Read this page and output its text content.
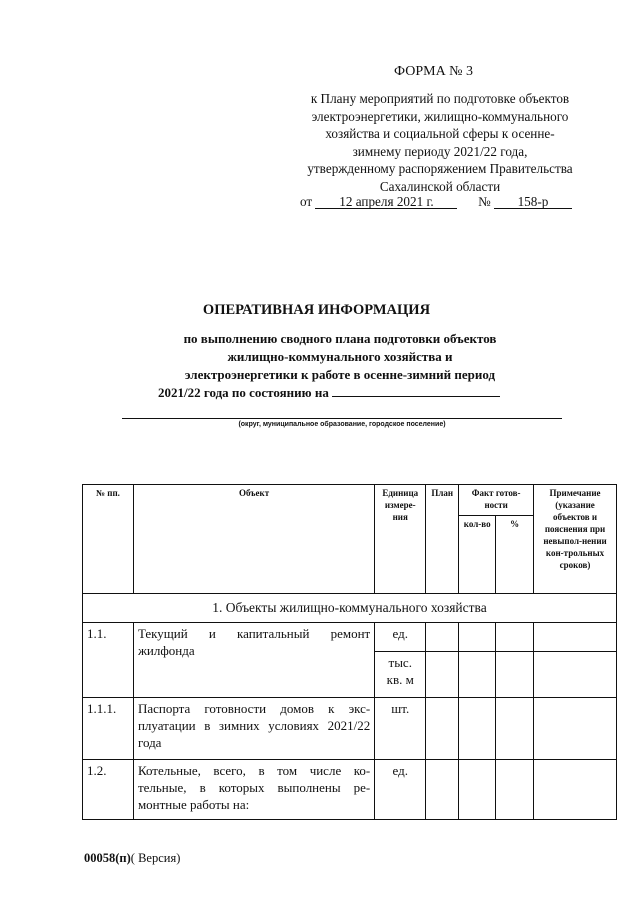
ФОРМА № 3
к Плану мероприятий по подготовке объектов
электроэнергетики, жилищно-коммунального
хозяйства и социальной сферы к осенне-
зимнему периоду 2021/22 года,
утвержденному распоряжением Правительства
Сахалинской области
от 12 апреля 2021 г.	№ 158-р
ОПЕРАТИВНАЯ ИНФОРМАЦИЯ
по выполнению сводного плана подготовки объектов
жилищно-коммунального хозяйства и
электроэнергетики к работе в осенне-зимний период
2021/22 года по состоянию на
(округ, муниципальное образование, городское поселение)
№ пп.	Объект	Единица измере-ния	План	Факт готов-ности		Примечание (указание объектов и пояснения при невыпол-нении кон-трольных сроков)
				кол-во	%	
1. Объекты жилищно-коммунального хозяйства						
1.1.	Текущий и капитальный ремонт жилфонда	ед.				
		тыс. кв. м				
1.1.1.	Паспорта готовности домов к экс-плуатации в зимних условиях 2021/22 года	шт.				
1.2.	Котельные, всего, в том числе ко-тельные, в которых выполнены ре-монтные работы на:	ед.				
00058(п)( Версия)
